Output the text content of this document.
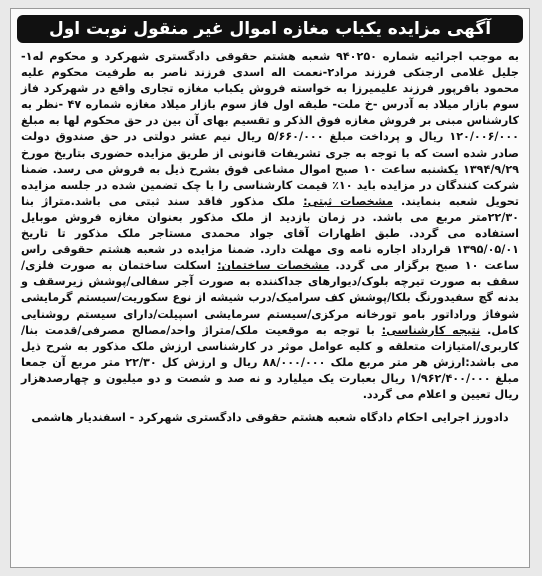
آگهی مزایده یکباب مغازه اموال غیر منقول نوبت اول

به موجب اجرائیه شماره ۹۴۰۲۵۰ شعبه هشتم حقوقی دادگستری شهرکرد و محکوم له۱-جلیل غلامی ارجنکی فرزند مراد۲-نعمت اله اسدی فرزند ناصر به طرفیت محکوم علیه محمود باقرپور فرزند علیمیرزا به خواسته فروش یکباب مغازه تجاری واقع در شهرکرد فاز سوم بازار میلاد به آدرس -خ ملت- طبقه اول فاز سوم بازار میلاد مغازه شماره ۴۷ -نظر به کارشناس مبنی بر فروش مغازه فوق الذکر و تقسیم بهای آن بین در حق محکوم لها به مبلغ ۱۲۰/۰۰۶/۰۰۰ ریال و پرداخت مبلغ ۵/۶۶۰/۰۰۰ ریال نیم عشر دولتی در حق صندوق دولت صادر شده است که با توجه به جری تشریفات قانونی از طریق مزایده حضوری بتاریخ مورخ ۱۳۹۴/۹/۲۹ یکشنبه ساعت ۱۰ صبح اموال مشاعی فوق بشرح ذیل به فروش می رسد. ضمنا شرکت کنندگان در مزایده باید ۱۰٪ قیمت کارشناسی را با چک تضمین شده در جلسه مزایده تحویل شعبه بنمایند. مشخصات ثبتی: ملک مذکور فاقد سند ثبتی می باشد.متراژ بنا ۲۲/۳۰متر مربع می باشد. در زمان بازدید از ملک مذکور بعنوان مغازه فروش موبایل استفاده می گردد. طبق اظهارات آقای جواد محمدی مستاجر ملک مذکور تا تاریخ ۱۳۹۵/۰۵/۰۱ قرارداد اجاره نامه وی مهلت دارد. ضمنا مزایده در شعبه هشتم حقوقی راس ساعت ۱۰ صبح برگزار می گردد. مشخصات ساختمان: اسکلت ساختمان به صورت فلزی/سقف به صورت تیرچه بلوک/دیوارهای جداکننده به صورت آجر سفالی/پوشش زیرسقف و بدنه گچ سفیدورنگ بلکا/پوشش کف سرامیک/درب شیشه از نوع سکوریت/سیستم گرمایشی شوفاژ وراداتور بامو تورخانه مرکزی/سیستم سرمایشی اسپیلت/دارای سیستم روشنایی کامل. نتیجه کارشناسی: با توجه به موقعیت ملک/متراژ واحد/مصالح مصرفی/قدمت بنا/کاربری/امتیازات متعلقه و کلیه عوامل موثر در کارشناسی ارزش ملک مذکور به شرح ذیل می باشد:ارزش هر متر مربع ملک ۸۸/۰۰۰/۰۰۰ ریال و ارزش کل ۲۲/۳۰ متر مربع آن جمعا مبلغ ۱/۹۶۲/۴۰۰/۰۰۰ ریال بعبارت یک میلیارد و نه صد و شصت و دو میلیون و چهارصدهزار ریال تعیین و اعلام می گردد.

دادورز اجرایی احکام دادگاه شعبه هشتم حقوقی دادگستری شهرکرد - اسفندیار هاشمی
